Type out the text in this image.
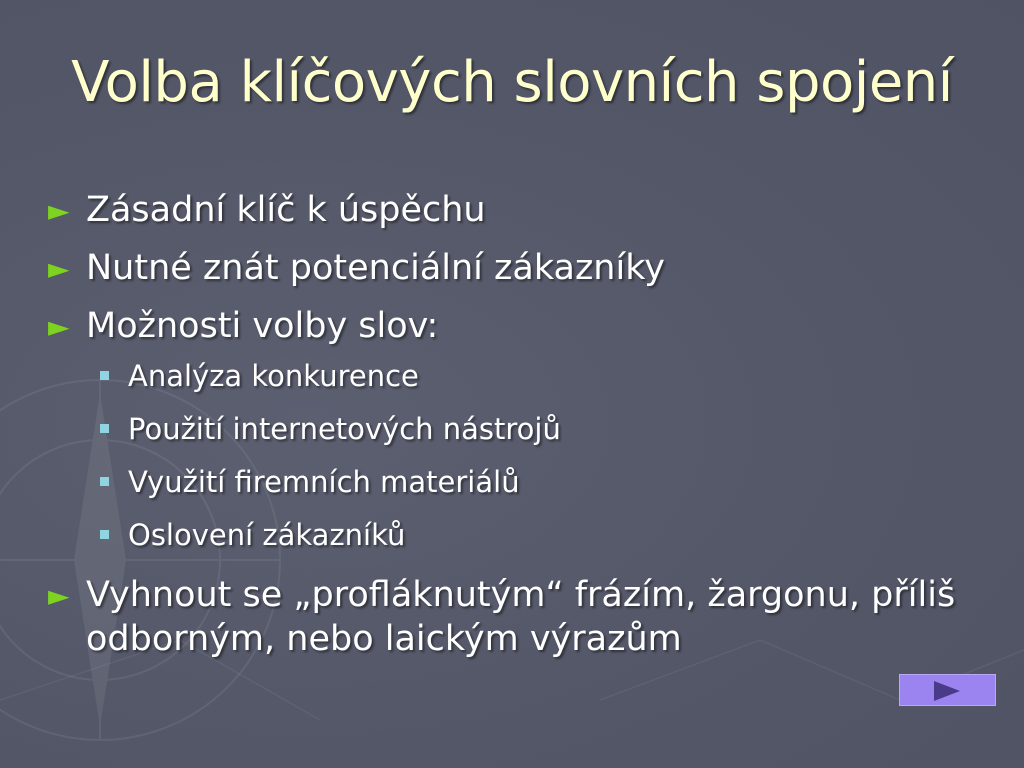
Volba klíčových slovních spojení
► Zásadní klíč k úspěchu
► Nutné znát potenciální zákazníky
► Možnosti volby slov:
Analýza konkurence
Použití internetových nástrojů
Využití firemních materiálů
Oslovení zákazníků
► Vyhnout se „profláknutým“ frázím, žargonu, příliš odborným, nebo laickým výrazům
